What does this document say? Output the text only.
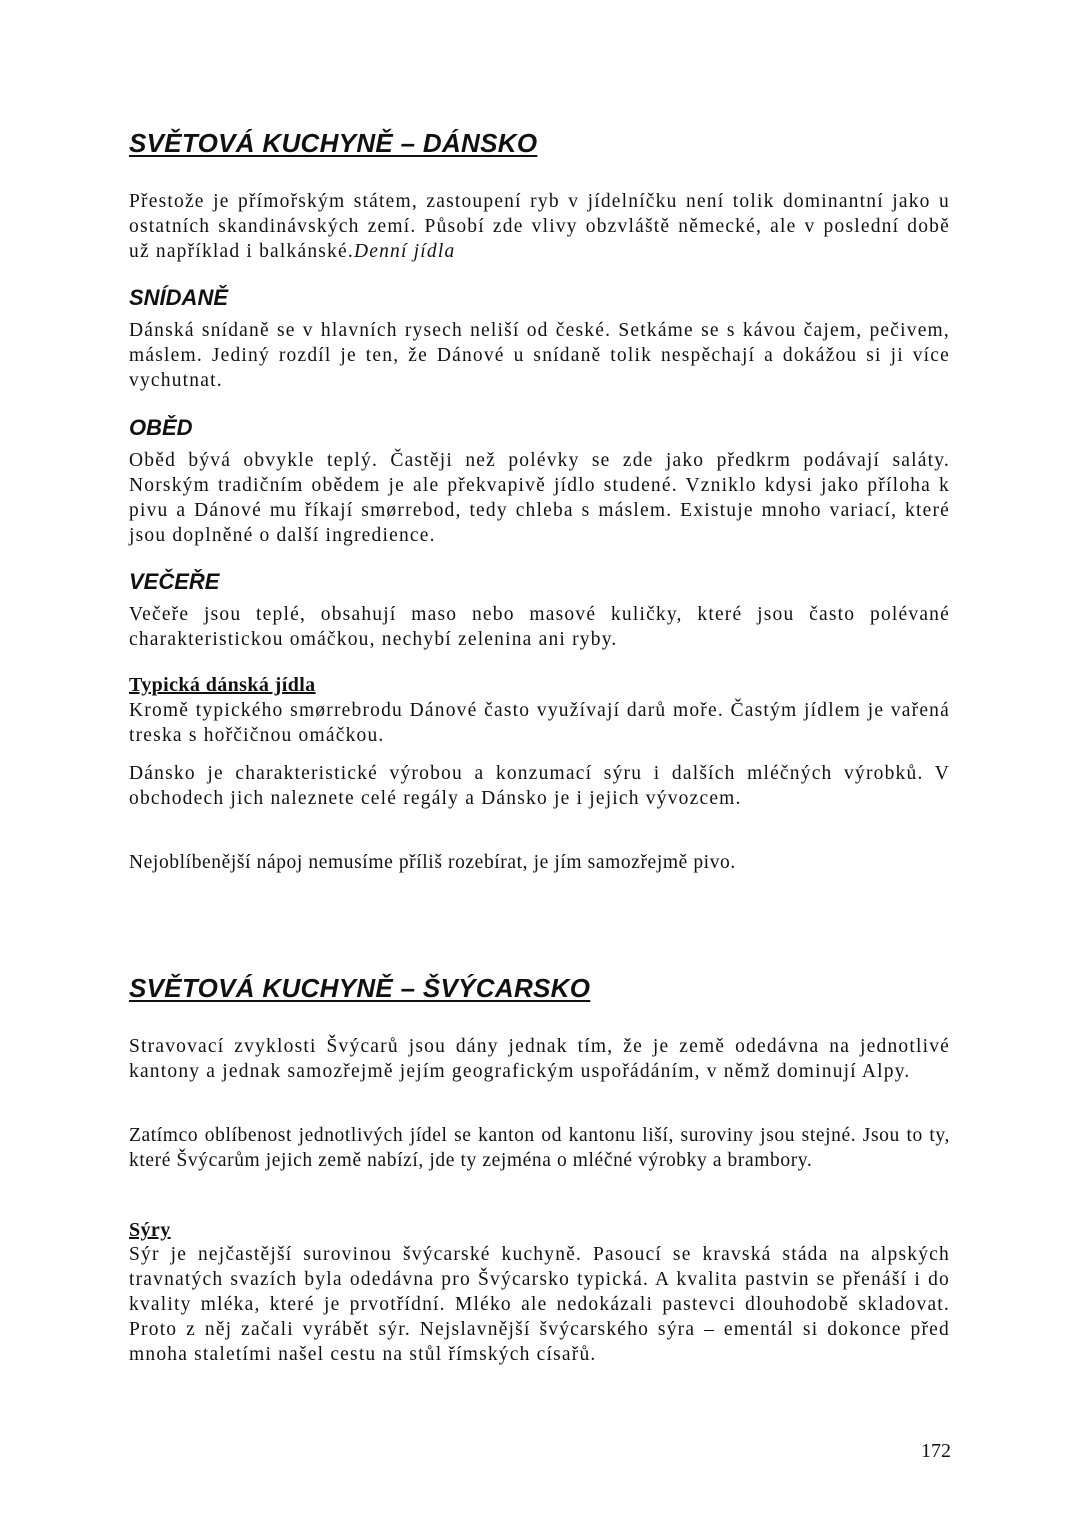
SVĚTOVÁ KUCHYNĚ – DÁNSKO

Přestože je přímořským státem, zastoupení ryb v jídelníčku není tolik dominantní jako u ostatních skandinávských zemí. Působí zde vlivy obzvláště německé, ale v poslední době už například i balkánské.Denní jídla

SNÍDANĚ

Dánská snídaně se v hlavních rysech neliší od české. Setkáme se s kávou čajem, pečivem, máslem. Jediný rozdíl je ten, že Dánové u snídaně tolik nespěchají a dokážou si ji více vychutnat.

OBĚD

Oběd bývá obvykle teplý. Častěji než polévky se zde jako předkrm podávají saláty. Norským tradičním obědem je ale překvapivě jídlo studené. Vzniklo kdysi jako příloha k pivu a Dánové mu říkají smørrebod, tedy chleba s máslem. Existuje mnoho variací, které jsou doplněné o další ingredience.

VEČEŘE

Večeře jsou teplé, obsahují maso nebo masové kuličky, které jsou často polévané charakteristickou omáčkou, nechybí zelenina ani ryby.

Typická dánská jídla

Kromě typického smørrebrodu Dánové často využívají darů moře. Častým jídlem je vařená treska s hořčičnou omáčkou.

Dánsko je charakteristické výrobou a konzumací sýru i dalších mléčných výrobků. V obchodech jich naleznete celé regály a Dánsko je i jejich vývozcem.

Nejoblíbenější nápoj nemusíme příliš rozebírat, je jím samozřejmě pivo.

SVĚTOVÁ KUCHYNĚ – ŠVÝCARSKO

Stravovací zvyklosti Švýcarů jsou dány jednak tím, že je země odedávna na jednotlivé kantony a jednak samozřejmě jejím geografickým uspořádáním, v němž dominují Alpy.

Zatímco oblíbenost jednotlivých jídel se kanton od kantonu liší, suroviny jsou stejné. Jsou to ty, které Švýcarům jejich země nabízí, jde ty zejména o mléčné výrobky a brambory.

Sýry

Sýr je nejčastější surovinou švýcarské kuchyně. Pasoucí se kravská stáda na alpských travnatých svazích byla odedávna pro Švýcarsko typická. A kvalita pastvin se přenáší i do kvality mléka, které je prvotřídní. Mléko ale nedokázali pastevci dlouhodobě skladovat. Proto z něj začali vyrábět sýr. Nejslavnější švýcarského sýra – ementál si dokonce před mnoha staletími našel cestu na stůl římských císařů.

172
